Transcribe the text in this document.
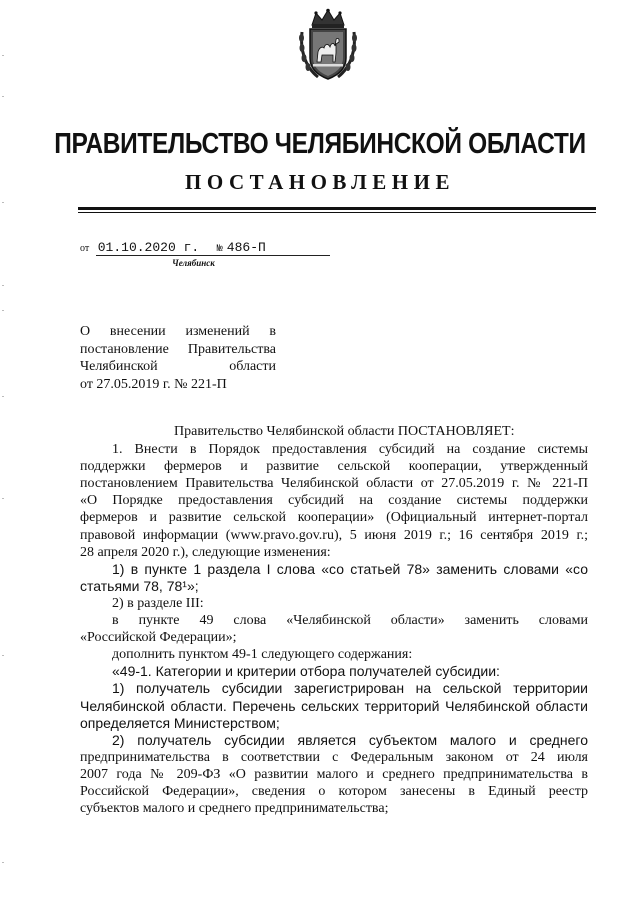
ПРАВИТЕЛЬСТВО ЧЕЛЯБИНСКОЙ ОБЛАСТИ
ПОСТАНОВЛЕНИЕ
от 01.10.2020 г. № 486-П
Челябинск
О внесении изменений в
постановление Правительства
Челябинской области
от 27.05.2019 г. № 221-П
Правительство Челябинской области ПОСТАНОВЛЯЕТ:
1. Внести в Порядок предоставления субсидий на создание системы
поддержки фермеров и развитие сельской кооперации, утвержденный
постановлением Правительства Челябинской области от 27.05.2019 г. № 221-П
«О Порядке предоставления субсидий на создание системы поддержки
фермеров и развитие сельской кооперации» (Официальный интернет-портал
правовой информации (www.pravo.gov.ru), 5 июня 2019 г.; 16 сентября 2019 г.;
28 апреля 2020 г.), следующие изменения:
1) в пункте 1 раздела I слова «со статьей 78» заменить словами «со
статьями 78, 78¹»;
2) в разделе III:
в пункте 49 слова «Челябинской области» заменить словами
«Российской Федерации»;
дополнить пунктом 49-1 следующего содержания:
«49-1. Категории и критерии отбора получателей субсидии:
1) получатель субсидии зарегистрирован на сельской территории
Челябинской области. Перечень сельских территорий Челябинской области
определяется Министерством;
2) получатель субсидии является субъектом малого и среднего
предпринимательства в соответствии с Федеральным законом от 24 июля
2007 года № 209-ФЗ «О развитии малого и среднего предпринимательства в
Российской Федерации», сведения о котором занесены в Единый реестр
субъектов малого и среднего предпринимательства;
